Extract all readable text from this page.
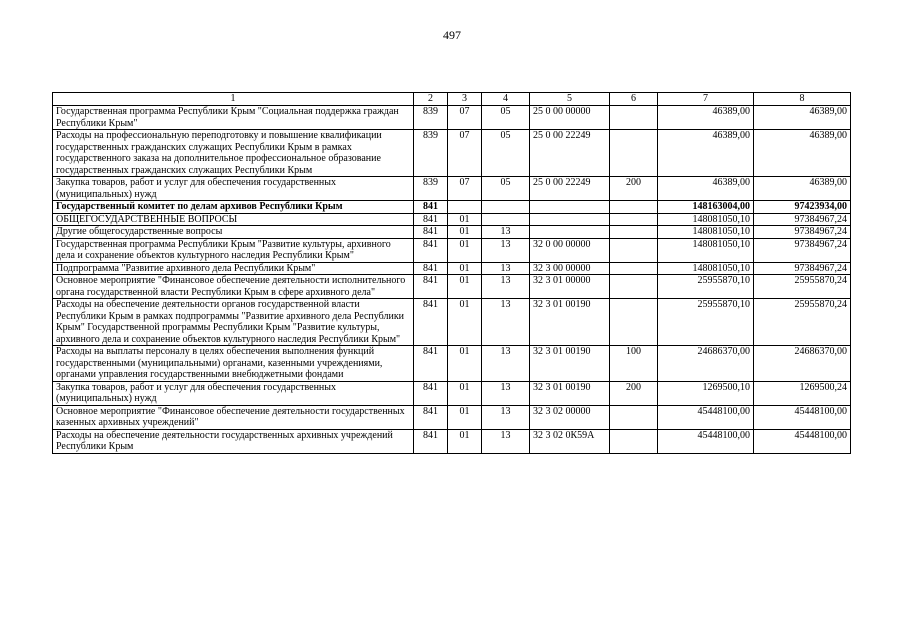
497
1	2	3	4	5	6	7	8
Государственная программа Республики Крым "Социальная поддержка граждан Республики Крым"	839	07	05	25 0 00 00000		46389,00	46389,00
Расходы на профессиональную переподготовку и повышение квалификации государственных гражданских служащих Республики Крым в рамках государственного заказа на дополнительное профессиональное образование государственных гражданских служащих Республики Крым	839	07	05	25 0 00 22249		46389,00	46389,00
Закупка товаров, работ и услуг для обеспечения государственных (муниципальных) нужд	839	07	05	25 0 00 22249	200	46389,00	46389,00
Государственный комитет по делам архивов Республики Крым	841					148163004,00	97423934,00
ОБЩЕГОСУДАРСТВЕННЫЕ ВОПРОСЫ	841	01				148081050,10	97384967,24
Другие общегосударственные вопросы	841	01	13			148081050,10	97384967,24
Государственная программа Республики Крым "Развитие культуры, архивного дела и сохранение объектов культурного наследия Республики Крым"	841	01	13	32 0 00 00000		148081050,10	97384967,24
Подпрограмма "Развитие архивного дела Республики Крым"	841	01	13	32 3 00 00000		148081050,10	97384967,24
Основное мероприятие "Финансовое обеспечение деятельности исполнительного органа государственной власти Республики Крым в сфере архивного дела"	841	01	13	32 3 01 00000		25955870,10	25955870,24
Расходы на обеспечение деятельности органов государственной власти Республики Крым в рамках подпрограммы "Развитие архивного дела Республики Крым" Государственной программы Республики Крым "Развитие культуры, архивного дела и сохранение объектов культурного наследия Республики Крым"	841	01	13	32 3 01 00190		25955870,10	25955870,24
Расходы на выплаты персоналу в целях обеспечения выполнения функций государственными (муниципальными) органами, казенными учреждениями, органами управления государственными внебюджетными фондами	841	01	13	32 3 01 00190	100	24686370,00	24686370,00
Закупка товаров, работ и услуг для обеспечения государственных (муниципальных) нужд	841	01	13	32 3 01 00190	200	1269500,10	1269500,24
Основное мероприятие "Финансовое обеспечение деятельности государственных казенных архивных учреждений"	841	01	13	32 3 02 00000		45448100,00	45448100,00
Расходы на обеспечение деятельности государственных архивных учреждений Республики Крым	841	01	13	32 3 02 0К59А		45448100,00	45448100,00
